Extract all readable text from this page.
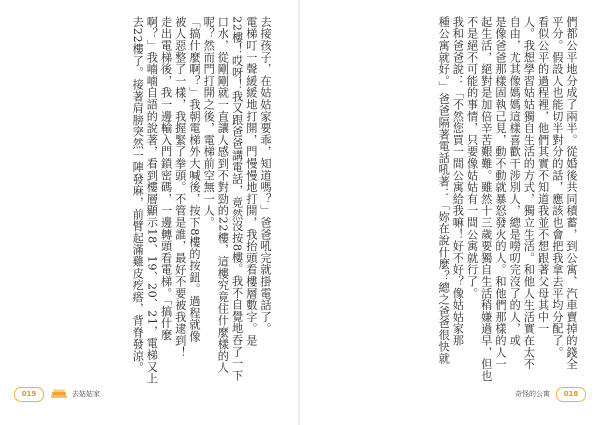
去接孩子，在姑姑家要乖，知道嗎？」爸爸吼完就掛電話了。
電梯叮一聲緩緩地打開，門慢慢地打開，我抬頭看樓層數字。是
22樓！哎呀！我又跟爸爸講電話，竟然沒按8樓。我不自覺地吞了一下
口水，從剛剛就一直讓人感到不對勁的22樓，這樓究竟住什麼樣的人
呢？然而門打開之後，電梯前空無一人。
「搞什麼啊？」我朝電梯外大喊後，按下8樓的按鈕。過程就像
被人惡整了一樣，我握緊了拳頭。不管是誰，最好不要被我逮到！
走出電梯後，我一邊輸入門鎖密碼，一邊轉頭看電梯。「搞什麼
啊？」我喃喃自語的說著，看到樓層顯示18、19、20、21，電梯又上
去22樓了。接著肩膀突然一陣發麻，前臂起滿雞皮疙瘩，背脊發涼。
019	去姑姑家
們都公平地分成了兩半。從婚後共同積蓄，到公寓、汽車賣掉的錢全
平分。假設人也能切半對分的話，應該也會把我拿去平均分配了。
看似公平的過程裡，他們其實不知道我並不想跟著父母其中一
人。我想學習姑姑獨自生活的方式，獨立生活。和他人生活實在太不
自由，尤其像媽媽這樣喜歡干涉別人，總是嘮叨完沒了的人，或
是像爸爸那樣固執己見，動不動就暴怒發火的人。和他們那樣的人一
起生活，絕對是加倍辛苦艱難。雖然十三歲要獨自生活稍嫌過早，但也
不是絕不可能的事情，只要像姑姑有一間公寓就行了。
我和爸爸說：「不然您買一間公寓給我嘛！好不好？像姑姑家那
種公寓就好。」爸爸隔著電話吼著：「妳在說什麼？總之爸爸很快就
奇怪的公寓	018
